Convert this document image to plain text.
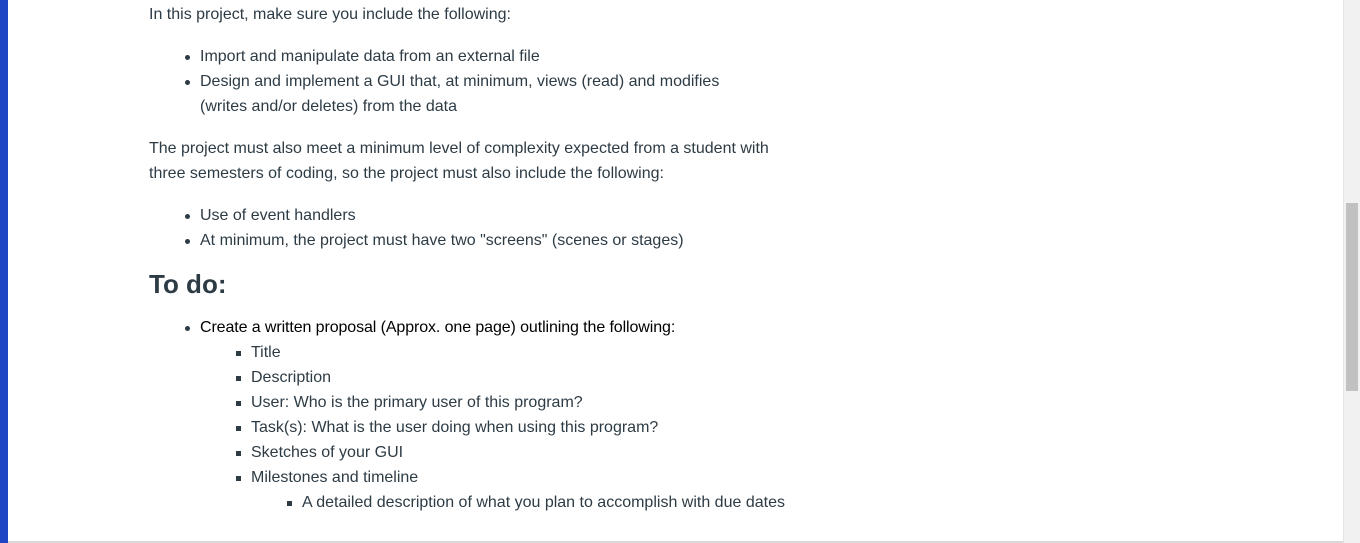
In this project, make sure you include the following:

Import and manipulate data from an external file
Design and implement a GUI that, at minimum, views (read) and modifies (writes and/or deletes) from the data

The project must also meet a minimum level of complexity expected from a student with three semesters of coding, so the project must also include the following:

Use of event handlers
At minimum, the project must have two "screens" (scenes or stages)
To do:
Create a written proposal (Approx. one page) outlining the following:
Title
Description
User: Who is the primary user of this program?
Task(s): What is the user doing when using this program?
Sketches of your GUI
Milestones and timeline
A detailed description of what you plan to accomplish with due dates
